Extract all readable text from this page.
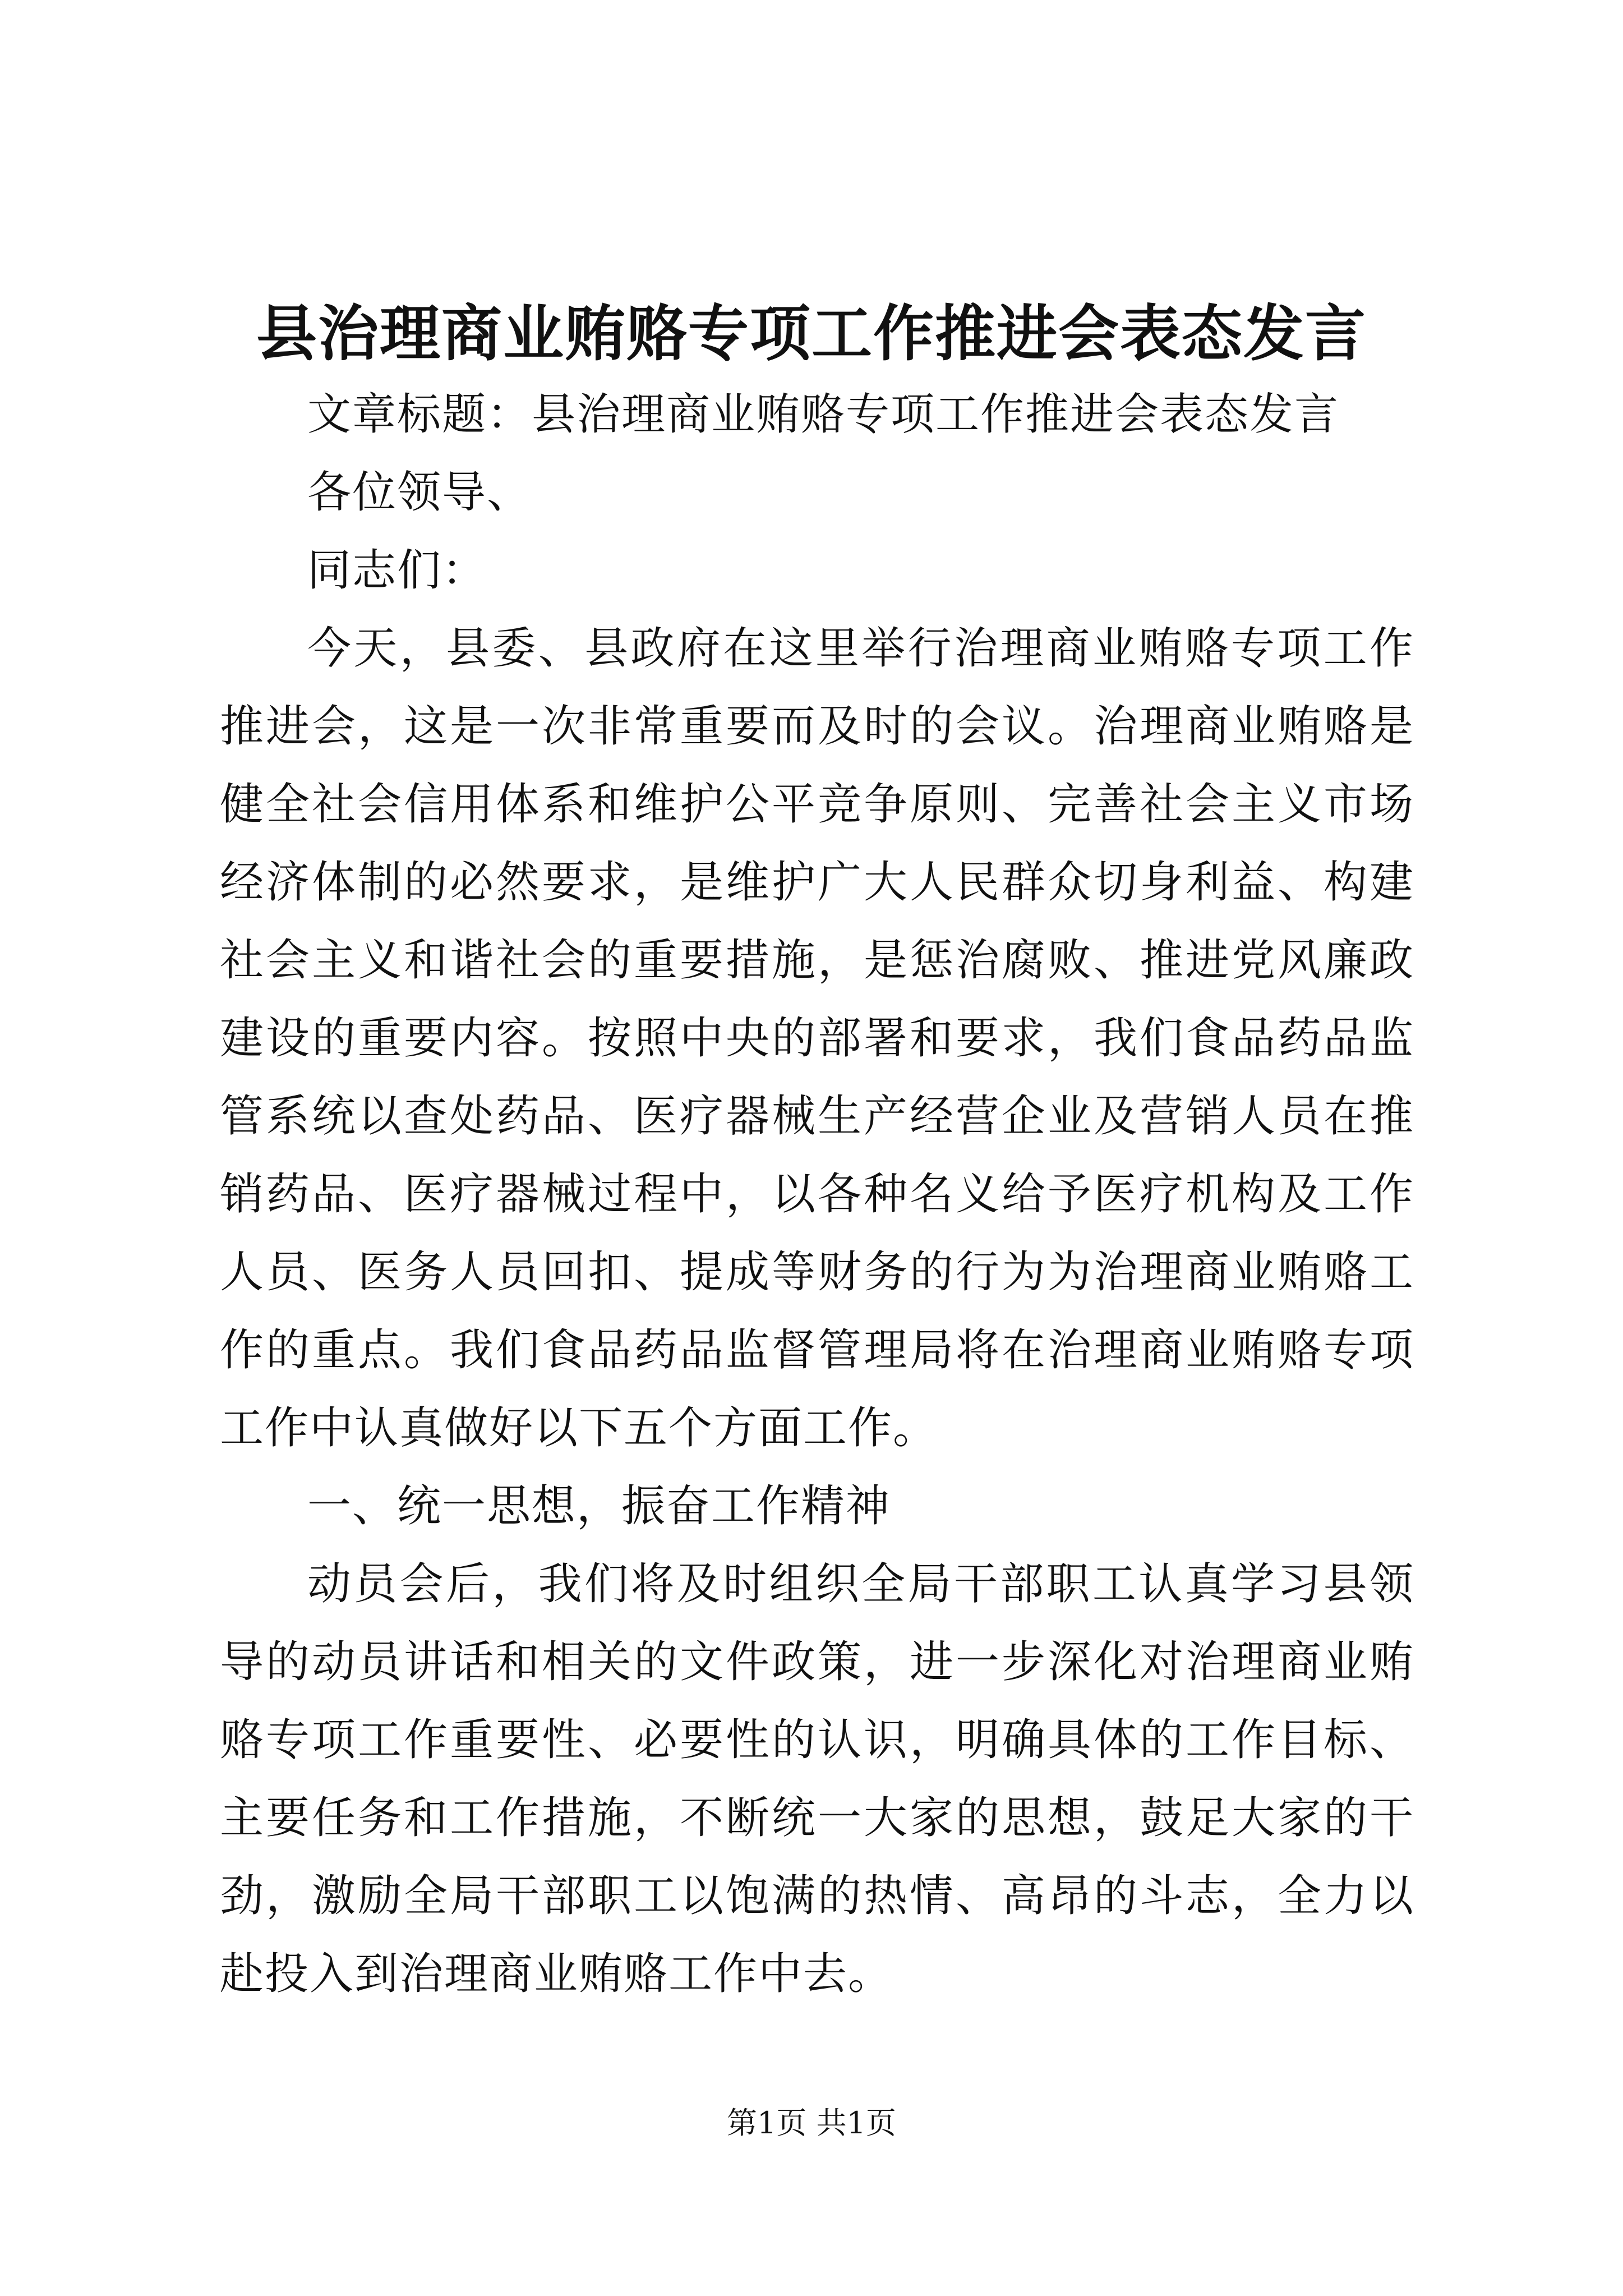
县治理商业贿赂专项工作推进会表态发言

文章标题：县治理商业贿赂专项工作推进会表态发言

各位领导、

同志们：

今天，县委、县政府在这里举行治理商业贿赂专项工作推进会，这是一次非常重要而及时的会议。治理商业贿赂是健全社会信用体系和维护公平竞争原则、完善社会主义市场经济体制的必然要求，是维护广大人民群众切身利益、构建社会主义和谐社会的重要措施，是惩治腐败、推进党风廉政建设的重要内容。按照中央的部署和要求，我们食品药品监管系统以查处药品、医疗器械生产经营企业及营销人员在推销药品、医疗器械过程中，以各种名义给予医疗机构及工作人员、医务人员回扣、提成等财务的行为为治理商业贿赂工作的重点。我们食品药品监督管理局将在治理商业贿赂专项工作中认真做好以下五个方面工作。

一、统一思想，振奋工作精神

动员会后，我们将及时组织全局干部职工认真学习县领导的动员讲话和相关的文件政策，进一步深化对治理商业贿赂专项工作重要性、必要性的认识，明确具体的工作目标、主要任务和工作措施，不断统一大家的思想，鼓足大家的干劲，激励全局干部职工以饱满的热情、高昂的斗志，全力以赴投入到治理商业贿赂工作中去。

第1页 共1页
